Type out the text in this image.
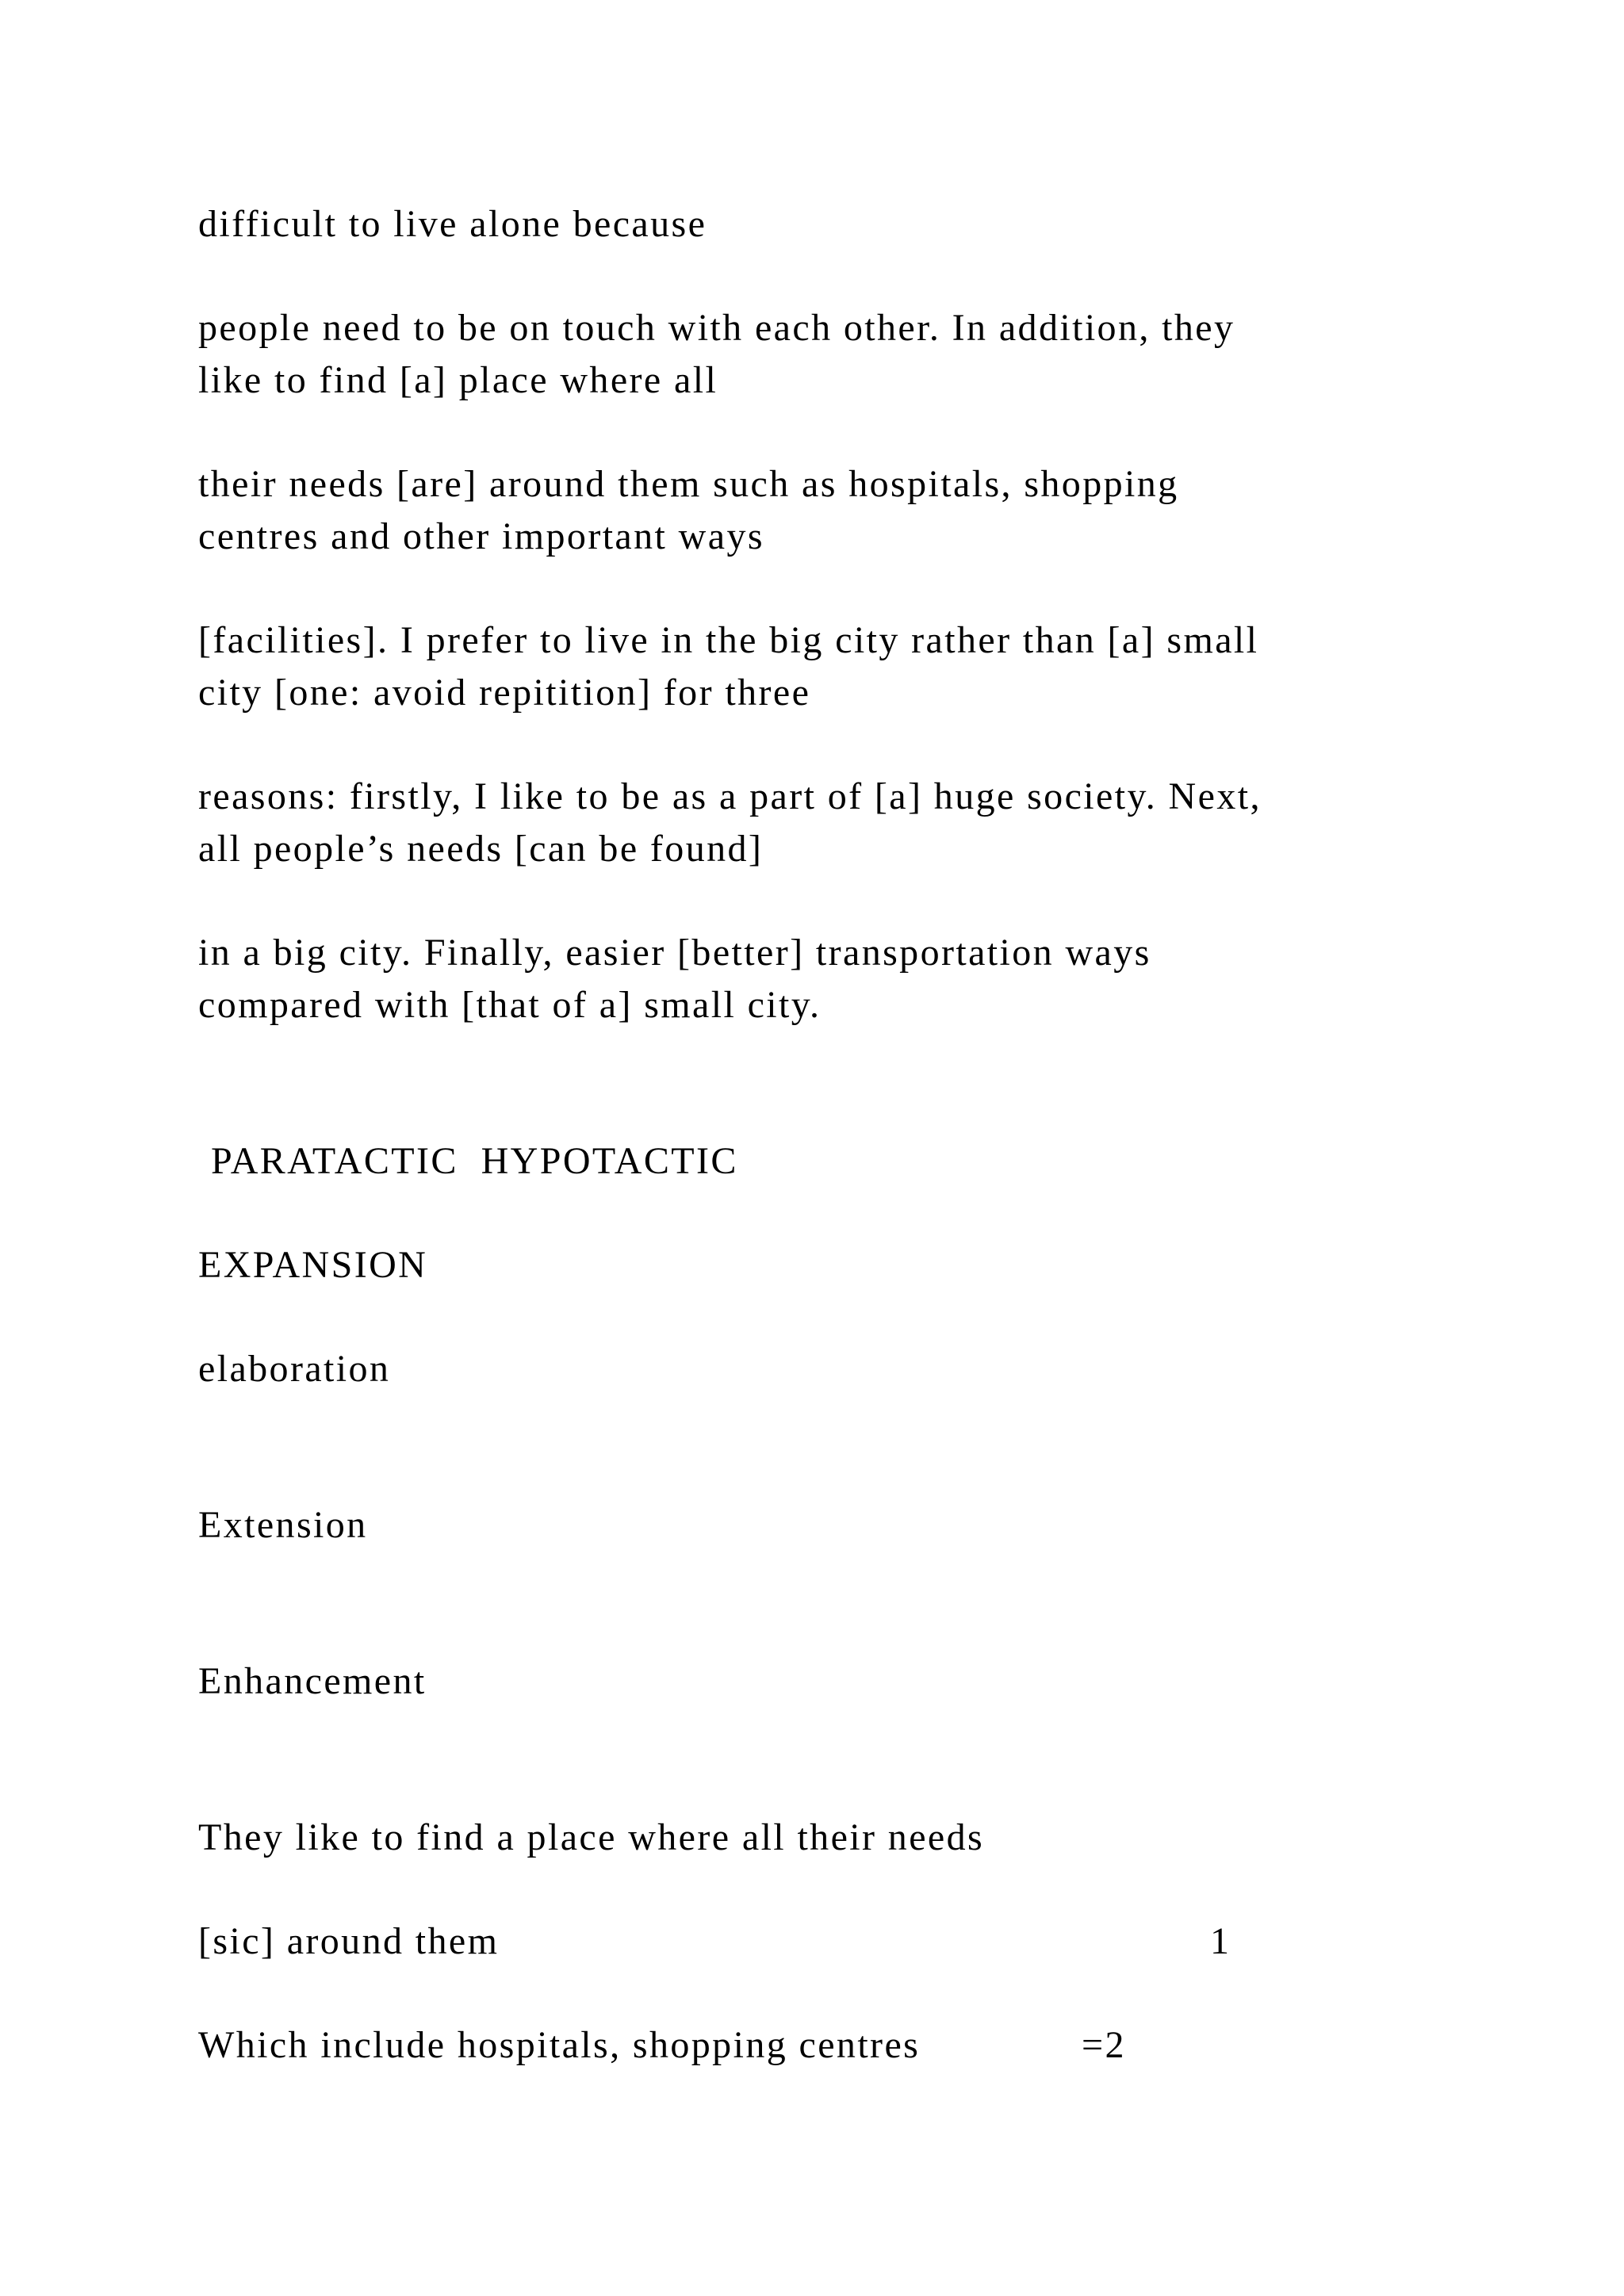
difficult to live alone because

people need to be on touch with each other. In addition, they

like to find [a] place where all

their needs [are] around them such as hospitals, shopping

centres and other important ways

[facilities]. I prefer to live in the big city rather than [a] small

city [one: avoid repitition] for three

reasons: firstly, I like to be as a part of [a] huge society. Next,

all people’s needs [can be found]

in a big city. Finally, easier [better] transportation ways

compared with [that of a] small city.

PARATACTIC HYPOTACTIC

EXPANSION

elaboration

Extension

Enhancement

They like to find a place where all their needs

[sic] around them	1

Which include hospitals, shopping centres	=2
